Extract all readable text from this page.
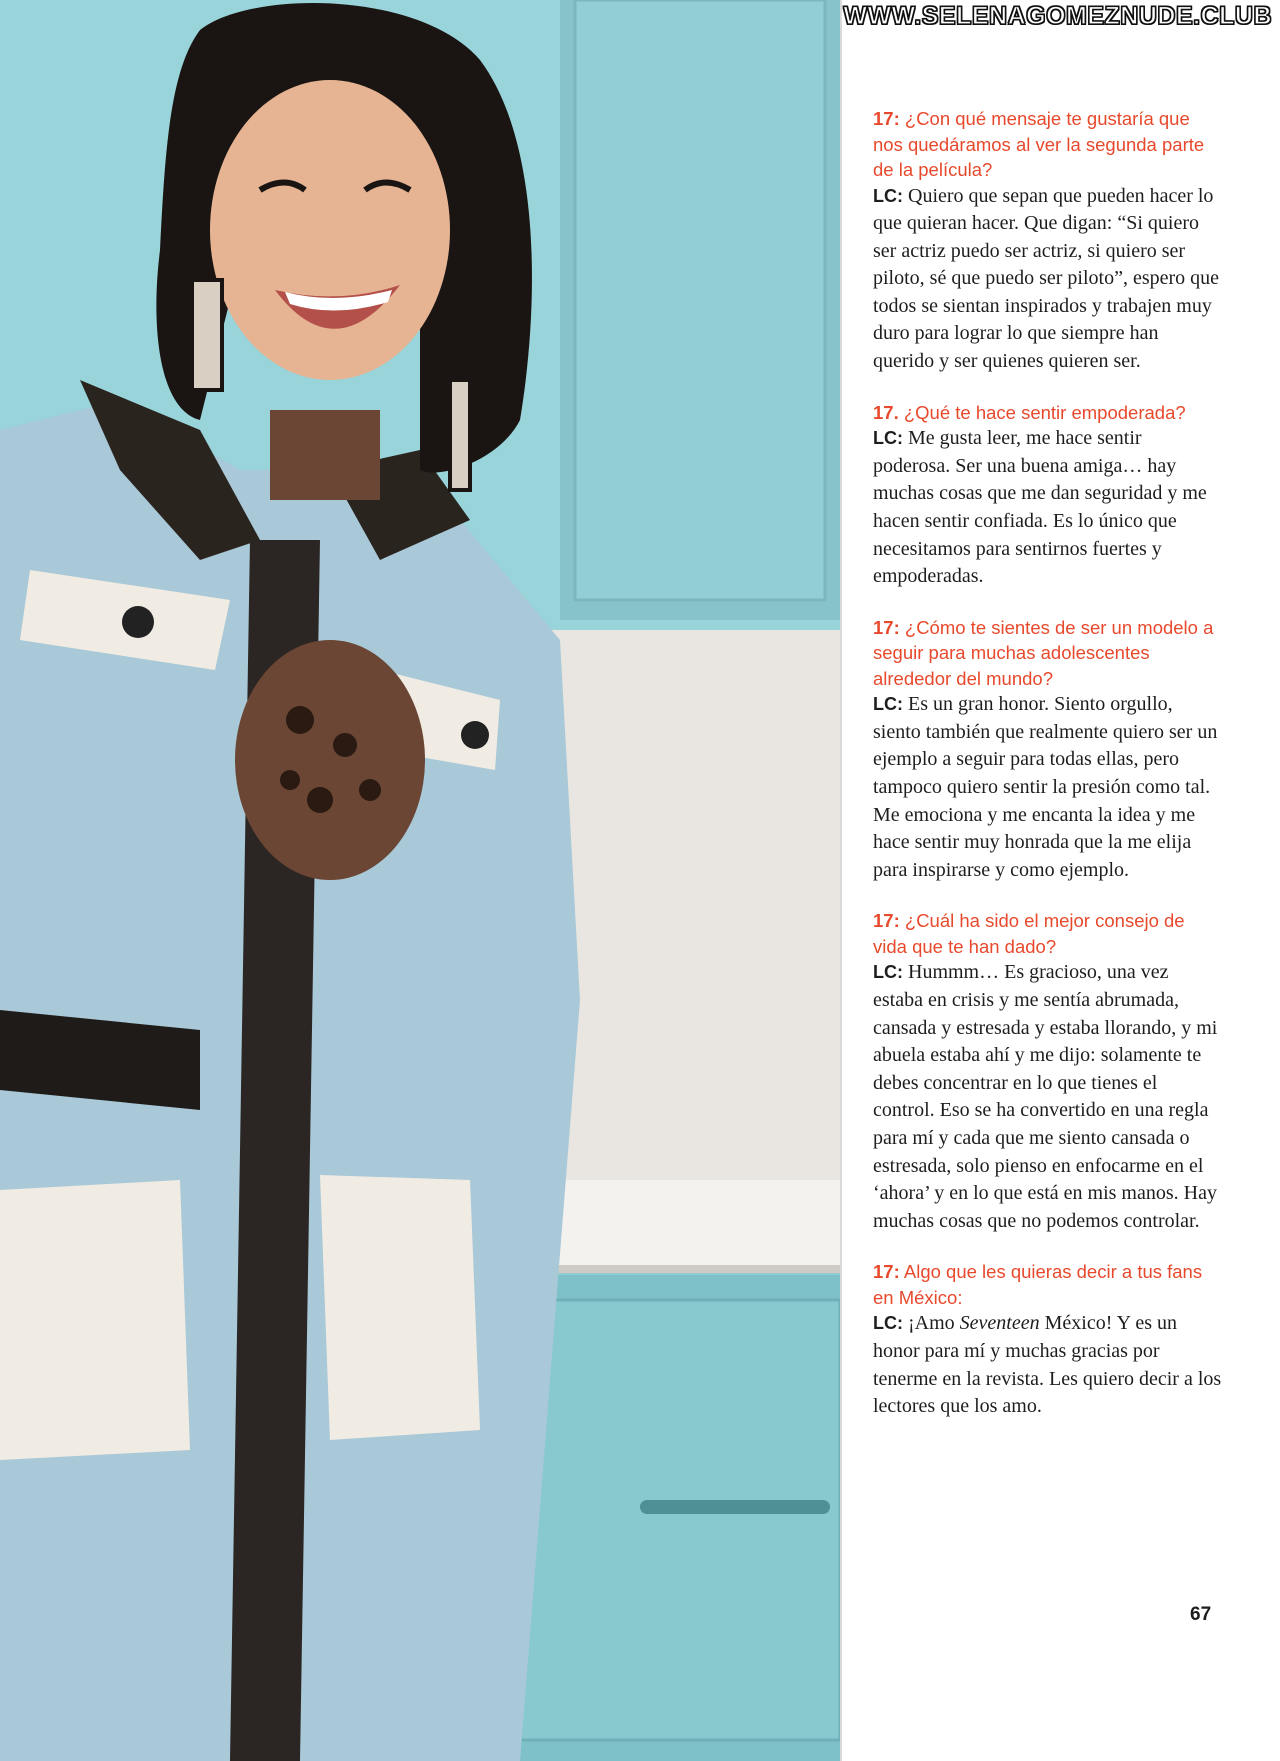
WWW.SELENAGOMEZNUDE.CLUB

17: ¿Con qué mensaje te gustaría que nos quedáramos al ver la segunda parte de la película?

LC: Quiero que sepan que pueden hacer lo que quieran hacer. Que digan: “Si quiero ser actriz puedo ser actriz, si quiero ser piloto, sé que puedo ser piloto”, espero que todos se sientan inspirados y trabajen muy duro para lograr lo que siempre han querido y ser quienes quieren ser.

17. ¿Qué te hace sentir empoderada?

LC: Me gusta leer, me hace sentir poderosa. Ser una buena amiga… hay muchas cosas que me dan seguridad y me hacen sentir confiada. Es lo único que necesitamos para sentirnos fuertes y empoderadas.

17: ¿Cómo te sientes de ser un modelo a seguir para muchas adolescentes alrededor del mundo?

LC: Es un gran honor. Siento orgullo, siento también que realmente quiero ser un ejemplo a seguir para todas ellas, pero tampoco quiero sentir la presión como tal. Me emociona y me encanta la idea y me hace sentir muy honrada que la me elija para inspirarse y como ejemplo.

17: ¿Cuál ha sido el mejor consejo de vida que te han dado?

LC: Hummm… Es gracioso, una vez estaba en crisis y me sentía abrumada, cansada y estresada y estaba llorando, y mi abuela estaba ahí y me dijo: solamente te debes concentrar en lo que tienes el control. Eso se ha convertido en una regla para mí y cada que me siento cansada o estresada, solo pienso en enfocarme en el ‘ahora’ y en lo que está en mis manos. Hay muchas cosas que no podemos controlar.

17: Algo que les quieras decir a tus fans en México:

LC: ¡Amo Seventeen México! Y es un honor para mí y muchas gracias por tenerme en la revista. Les quiero decir a los lectores que los amo.

67
